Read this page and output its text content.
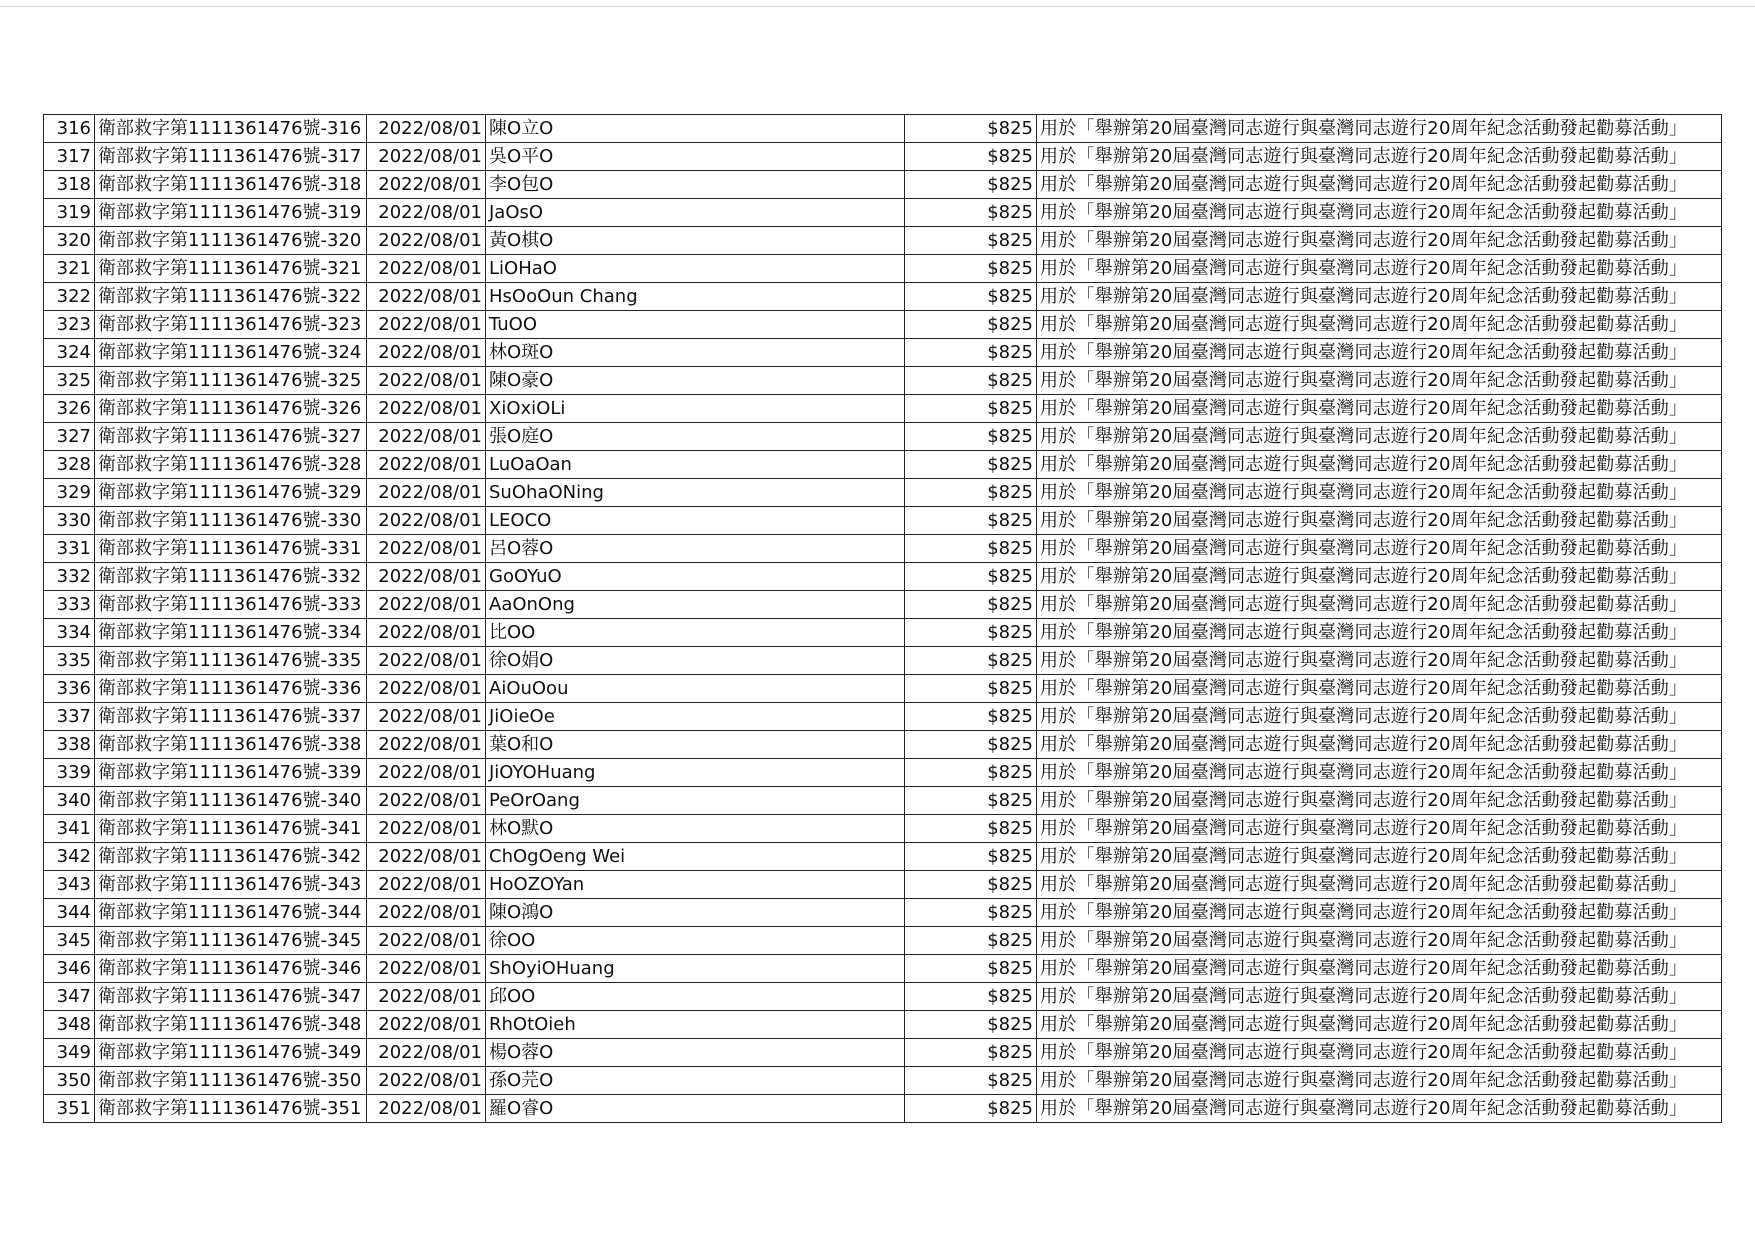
316	衛部救字第1111361476號-316	2022/08/01	陳O立O	$825	用於「舉辦第20屆臺灣同志遊行與臺灣同志遊行20周年紀念活動發起勸募活動」
317	衛部救字第1111361476號-317	2022/08/01	吳O平O	$825	用於「舉辦第20屆臺灣同志遊行與臺灣同志遊行20周年紀念活動發起勸募活動」
318	衛部救字第1111361476號-318	2022/08/01	李O包O	$825	用於「舉辦第20屆臺灣同志遊行與臺灣同志遊行20周年紀念活動發起勸募活動」
319	衛部救字第1111361476號-319	2022/08/01	JaOsO	$825	用於「舉辦第20屆臺灣同志遊行與臺灣同志遊行20周年紀念活動發起勸募活動」
320	衛部救字第1111361476號-320	2022/08/01	黃O棋O	$825	用於「舉辦第20屆臺灣同志遊行與臺灣同志遊行20周年紀念活動發起勸募活動」
321	衛部救字第1111361476號-321	2022/08/01	LiOHaO	$825	用於「舉辦第20屆臺灣同志遊行與臺灣同志遊行20周年紀念活動發起勸募活動」
322	衛部救字第1111361476號-322	2022/08/01	HsOoOun Chang	$825	用於「舉辦第20屆臺灣同志遊行與臺灣同志遊行20周年紀念活動發起勸募活動」
323	衛部救字第1111361476號-323	2022/08/01	TuOO	$825	用於「舉辦第20屆臺灣同志遊行與臺灣同志遊行20周年紀念活動發起勸募活動」
324	衛部救字第1111361476號-324	2022/08/01	林O斑O	$825	用於「舉辦第20屆臺灣同志遊行與臺灣同志遊行20周年紀念活動發起勸募活動」
325	衛部救字第1111361476號-325	2022/08/01	陳O豪O	$825	用於「舉辦第20屆臺灣同志遊行與臺灣同志遊行20周年紀念活動發起勸募活動」
326	衛部救字第1111361476號-326	2022/08/01	XiOxiOLi	$825	用於「舉辦第20屆臺灣同志遊行與臺灣同志遊行20周年紀念活動發起勸募活動」
327	衛部救字第1111361476號-327	2022/08/01	張O庭O	$825	用於「舉辦第20屆臺灣同志遊行與臺灣同志遊行20周年紀念活動發起勸募活動」
328	衛部救字第1111361476號-328	2022/08/01	LuOaOan	$825	用於「舉辦第20屆臺灣同志遊行與臺灣同志遊行20周年紀念活動發起勸募活動」
329	衛部救字第1111361476號-329	2022/08/01	SuOhaONing	$825	用於「舉辦第20屆臺灣同志遊行與臺灣同志遊行20周年紀念活動發起勸募活動」
330	衛部救字第1111361476號-330	2022/08/01	LEOCO	$825	用於「舉辦第20屆臺灣同志遊行與臺灣同志遊行20周年紀念活動發起勸募活動」
331	衛部救字第1111361476號-331	2022/08/01	呂O蓉O	$825	用於「舉辦第20屆臺灣同志遊行與臺灣同志遊行20周年紀念活動發起勸募活動」
332	衛部救字第1111361476號-332	2022/08/01	GoOYuO	$825	用於「舉辦第20屆臺灣同志遊行與臺灣同志遊行20周年紀念活動發起勸募活動」
333	衛部救字第1111361476號-333	2022/08/01	AaOnOng	$825	用於「舉辦第20屆臺灣同志遊行與臺灣同志遊行20周年紀念活動發起勸募活動」
334	衛部救字第1111361476號-334	2022/08/01	比OO	$825	用於「舉辦第20屆臺灣同志遊行與臺灣同志遊行20周年紀念活動發起勸募活動」
335	衛部救字第1111361476號-335	2022/08/01	徐O娟O	$825	用於「舉辦第20屆臺灣同志遊行與臺灣同志遊行20周年紀念活動發起勸募活動」
336	衛部救字第1111361476號-336	2022/08/01	AiOuOou	$825	用於「舉辦第20屆臺灣同志遊行與臺灣同志遊行20周年紀念活動發起勸募活動」
337	衛部救字第1111361476號-337	2022/08/01	JiOieOe	$825	用於「舉辦第20屆臺灣同志遊行與臺灣同志遊行20周年紀念活動發起勸募活動」
338	衛部救字第1111361476號-338	2022/08/01	葉O和O	$825	用於「舉辦第20屆臺灣同志遊行與臺灣同志遊行20周年紀念活動發起勸募活動」
339	衛部救字第1111361476號-339	2022/08/01	JiOYOHuang	$825	用於「舉辦第20屆臺灣同志遊行與臺灣同志遊行20周年紀念活動發起勸募活動」
340	衛部救字第1111361476號-340	2022/08/01	PeOrOang	$825	用於「舉辦第20屆臺灣同志遊行與臺灣同志遊行20周年紀念活動發起勸募活動」
341	衛部救字第1111361476號-341	2022/08/01	林O默O	$825	用於「舉辦第20屆臺灣同志遊行與臺灣同志遊行20周年紀念活動發起勸募活動」
342	衛部救字第1111361476號-342	2022/08/01	ChOgOeng Wei	$825	用於「舉辦第20屆臺灣同志遊行與臺灣同志遊行20周年紀念活動發起勸募活動」
343	衛部救字第1111361476號-343	2022/08/01	HoOZOYan	$825	用於「舉辦第20屆臺灣同志遊行與臺灣同志遊行20周年紀念活動發起勸募活動」
344	衛部救字第1111361476號-344	2022/08/01	陳O鴻O	$825	用於「舉辦第20屆臺灣同志遊行與臺灣同志遊行20周年紀念活動發起勸募活動」
345	衛部救字第1111361476號-345	2022/08/01	徐OO	$825	用於「舉辦第20屆臺灣同志遊行與臺灣同志遊行20周年紀念活動發起勸募活動」
346	衛部救字第1111361476號-346	2022/08/01	ShOyiOHuang	$825	用於「舉辦第20屆臺灣同志遊行與臺灣同志遊行20周年紀念活動發起勸募活動」
347	衛部救字第1111361476號-347	2022/08/01	邱OO	$825	用於「舉辦第20屆臺灣同志遊行與臺灣同志遊行20周年紀念活動發起勸募活動」
348	衛部救字第1111361476號-348	2022/08/01	RhOtOieh	$825	用於「舉辦第20屆臺灣同志遊行與臺灣同志遊行20周年紀念活動發起勸募活動」
349	衛部救字第1111361476號-349	2022/08/01	楊O蓉O	$825	用於「舉辦第20屆臺灣同志遊行與臺灣同志遊行20周年紀念活動發起勸募活動」
350	衛部救字第1111361476號-350	2022/08/01	孫O芫O	$825	用於「舉辦第20屆臺灣同志遊行與臺灣同志遊行20周年紀念活動發起勸募活動」
351	衛部救字第1111361476號-351	2022/08/01	羅O睿O	$825	用於「舉辦第20屆臺灣同志遊行與臺灣同志遊行20周年紀念活動發起勸募活動」
